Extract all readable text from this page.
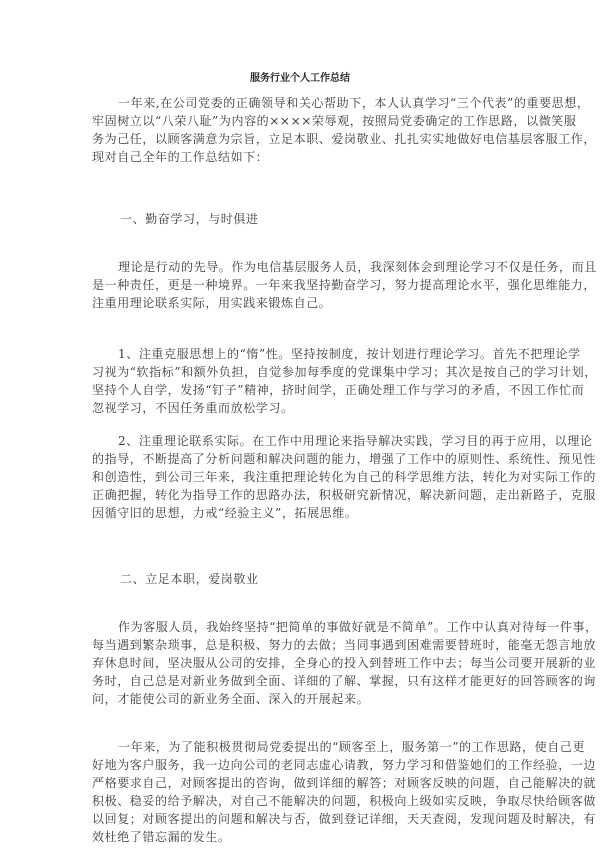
服务行业个人工作总结
一年来,在公司党委的正确领导和关心帮助下，本人认真学习“三个代表”的重要思想，
牢固树立以“八荣八耻”为内容的××××荣辱观，按照局党委确定的工作思路，以微笑服
务为己任，以顾客满意为宗旨，立足本职、爱岗敬业、扎扎实实地做好电信基层客服工作，
现对自己全年的工作总结如下：
一、勤奋学习，与时俱进
理论是行动的先导。作为电信基层服务人员，我深刻体会到理论学习不仅是任务，而且
是一种责任，更是一种境界。一年来我坚持勤奋学习，努力提高理论水平，强化思维能力，
注重用理论联系实际，用实践来锻炼自己。
1、注重克服思想上的“惰”性。坚持按制度，按计划进行理论学习。首先不把理论学
习视为“软指标”和额外负担，自觉参加每季度的党课集中学习；其次是按自己的学习计划，
坚持个人自学，发扬“钉子”精神，挤时间学，正确处理工作与学习的矛盾，不因工作忙而
忽视学习，不因任务重而放松学习。
2、注重理论联系实际。在工作中用理论来指导解决实践，学习目的再于应用，以理论
的指导，不断提高了分析问题和解决问题的能力，增强了工作中的原则性、系统性、预见性
和创造性，到公司三年来，我注重把理论转化为自己的科学思维方法，转化为对实际工作的
正确把握，转化为指导工作的思路办法，积极研究新情况，解决新问题，走出新路子，克服
因循守旧的思想，力戒“经验主义”，拓展思维。
二、立足本职，爱岗敬业
作为客服人员，我始终坚持“把简单的事做好就是不简单”。工作中认真对待每一件事，
每当遇到繁杂琐事，总是积极、努力的去做；当同事遇到困难需要替班时，能毫无怨言地放
弃休息时间，坚决服从公司的安排，全身心的投入到替班工作中去；每当公司要开展新的业
务时，自己总是对新业务做到全面、详细的了解、掌握，只有这样才能更好的回答顾客的询
问，才能使公司的新业务全面、深入的开展起来。
一年来，为了能积极贯彻局党委提出的“顾客至上，服务第一”的工作思路，使自己更
好地为客户服务，我一边向公司的老同志虚心请教，努力学习和借鉴她们的工作经验，一边
严格要求自己，对顾客提出的咨询，做到详细的解答；对顾客反映的问题，自己能解决的就
积极、稳妥的给予解决，对自己不能解决的问题，积极向上级如实反映，争取尽快给顾客做
以回复；对顾客提出的问题和解决与否，做到登记详细，天天查阅，发现问题及时解决，有
效杜绝了错忘漏的发生。
